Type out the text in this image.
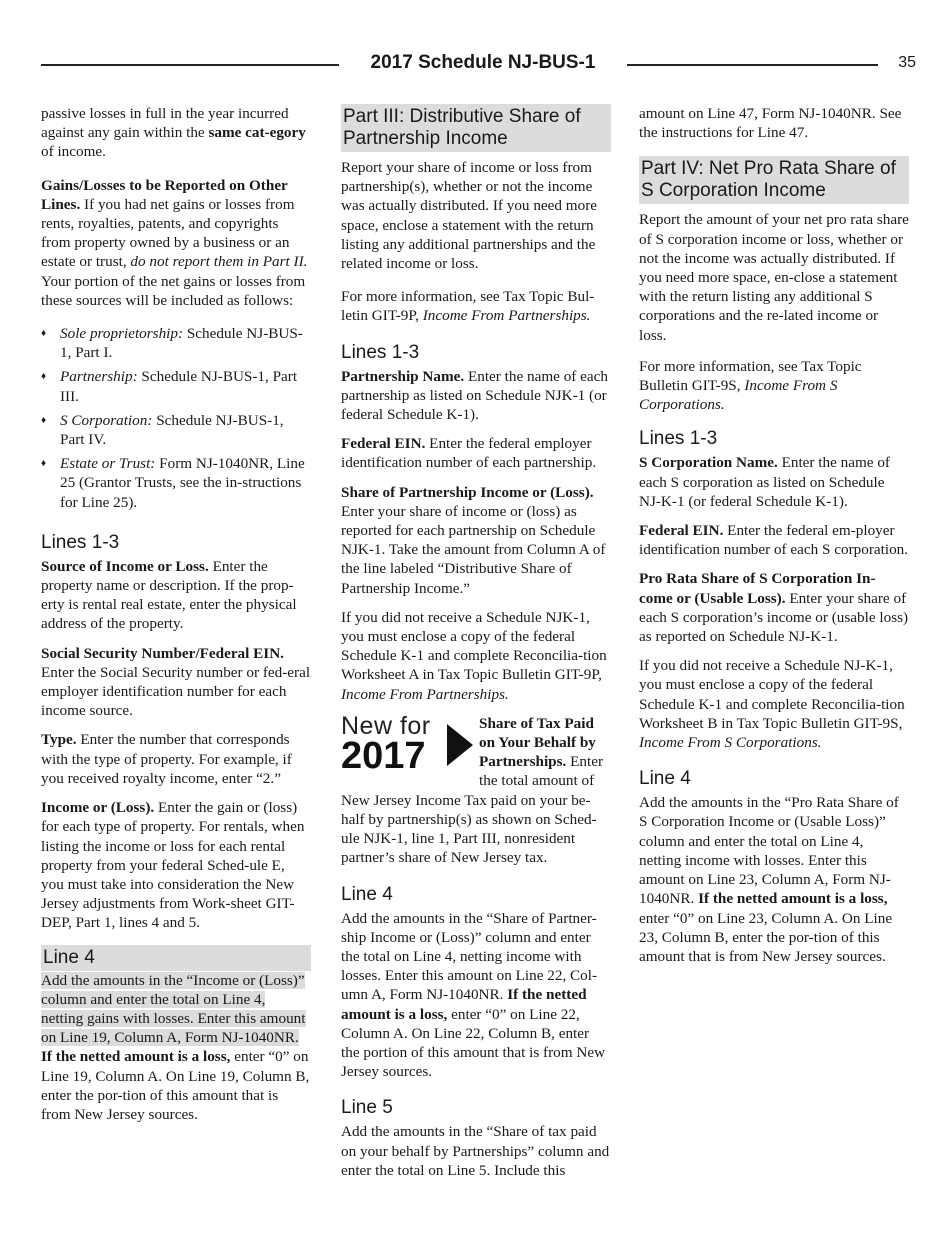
2017 Schedule NJ-BUS-1	35

passive losses in full in the year incurred against any gain within the same cat-egory of income.

Gains/Losses to be Reported on Other Lines. If you had net gains or losses from rents, royalties, patents, and copyrights from property owned by a business or an estate or trust, do not report them in Part II. Your portion of the net gains or losses from these sources will be included as follows:

♦ Sole proprietorship: Schedule NJ-BUS-1, Part I.
♦ Partnership: Schedule NJ-BUS-1, Part III.
♦ S Corporation: Schedule NJ-BUS-1, Part IV.
♦ Estate or Trust: Form NJ-1040NR, Line 25 (Grantor Trusts, see the in-structions for Line 25).
Lines 1-3

Source of Income or Loss. Enter the property name or description. If the prop-erty is rental real estate, enter the physical address of the property.

Social Security Number/Federal EIN. Enter the Social Security number or fed-eral employer identification number for each income source.

Type. Enter the number that corresponds with the type of property. For example, if you received royalty income, enter “2.”

Income or (Loss). Enter the gain or (loss) for each type of property. For rentals, when listing the income or loss for each rental property from your federal Sched-ule E, you must take into consideration the New Jersey adjustments from Work-sheet GIT-DEP, Part 1, lines 4 and 5.

Line 4

Add the amounts in the “Income or (Loss)” column and enter the total on Line 4, netting gains with losses. Enter this amount on Line 19, Column A, Form NJ-1040NR. If the netted amount is a loss, enter “0” on Line 19, Column A. On Line 19, Column B, enter the por-tion of this amount that is from New Jersey sources.

Part III: Distributive Share of Partnership Income

Report your share of income or loss from partnership(s), whether or not the income was actually distributed. If you need more space, enclose a statement with the return listing any additional partnerships and the related income or loss.

For more information, see Tax Topic Bul-letin GIT-9P, Income From Partnerships.

Lines 1-3

Partnership Name. Enter the name of each partnership as listed on Schedule NJK-1 (or federal Schedule K-1).

Federal EIN. Enter the federal employer identification number of each partnership.

Share of Partnership Income or (Loss). Enter your share of income or (loss) as reported for each partnership on Schedule NJK-1. Take the amount from Column A of the line labeled “Distributive Share of Partnership Income.”

If you did not receive a Schedule NJK-1, you must enclose a copy of the federal Schedule K-1 and complete Reconcilia-tion Worksheet A in Tax Topic Bulletin GIT-9P, Income From Partnerships.

New for
2017

Share of Tax Paid on Your Behalf by Partnerships. Enter the total amount of New Jersey Income Tax paid on your be-half by partnership(s) as shown on Sched-ule NJK-1, line 1, Part III, nonresident partner’s share of New Jersey tax.

Line 4

Add the amounts in the “Share of Partner-ship Income or (Loss)” column and enter the total on Line 4, netting income with losses. Enter this amount on Line 22, Col-umn A, Form NJ-1040NR. If the netted amount is a loss, enter “0” on Line 22, Column A. On Line 22, Column B, enter the portion of this amount that is from New Jersey sources.

Line 5

Add the amounts in the “Share of tax paid on your behalf by Partnerships” column and enter the total on Line 5. Include this

amount on Line 47, Form NJ-1040NR. See the instructions for Line 47.

Part IV: Net Pro Rata Share of S Corporation Income

Report the amount of your net pro rata share of S corporation income or loss, whether or not the income was actually distributed. If you need more space, en-close a statement with the return listing any additional S corporations and the re-lated income or loss.

For more information, see Tax Topic Bulletin GIT-9S, Income From S Corporations.

Lines 1-3

S Corporation Name. Enter the name of each S corporation as listed on Schedule NJ-K-1 (or federal Schedule K-1).

Federal EIN. Enter the federal em-ployer identification number of each S corporation.

Pro Rata Share of S Corporation In-come or (Usable Loss). Enter your share of each S corporation’s income or (usable loss) as reported on Schedule NJ-K-1.

If you did not receive a Schedule NJ-K-1, you must enclose a copy of the federal Schedule K-1 and complete Reconcilia-tion Worksheet B in Tax Topic Bulletin GIT-9S, Income From S Corporations.

Line 4

Add the amounts in the “Pro Rata Share of S Corporation Income or (Usable Loss)” column and enter the total on Line 4, netting income with losses. Enter this amount on Line 23, Column A, Form NJ-1040NR. If the netted amount is a loss, enter “0” on Line 23, Column A. On Line 23, Column B, enter the por-tion of this amount that is from New Jersey sources.
